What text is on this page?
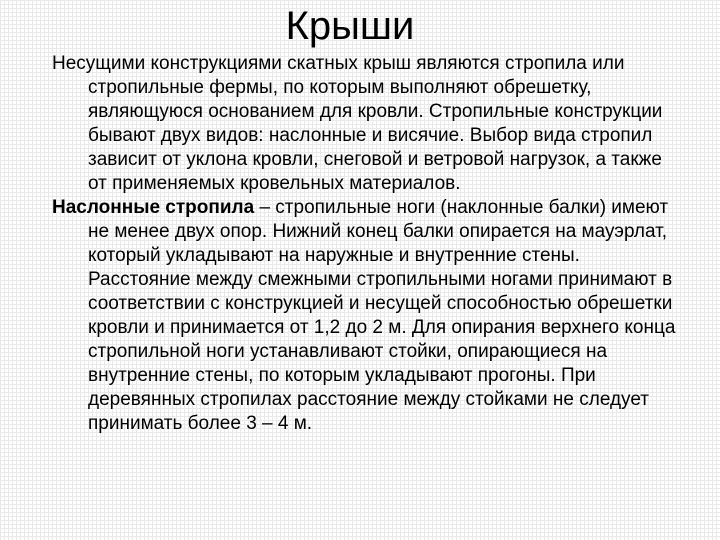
Крыши

Несущими конструкциями скатных крыш являются стропила или стропильные фермы, по которым выполняют обрешетку, являющуюся основанием для кровли. Стропильные конструкции бывают двух видов: наслонные и висячие. Выбор вида стропил зависит от уклона кровли, снеговой и ветровой нагрузок, а также от применяемых кровельных материалов.

Наслонные стропила – стропильные ноги (наклонные балки) имеют не менее двух опор. Нижний конец балки опирается на мауэрлат, который укладывают на наружные и внутренние стены. Расстояние между смежными стропильными ногами принимают в соответствии с конструкцией и несущей способностью обрешетки кровли и принимается от 1,2 до 2 м. Для опирания верхнего конца стропильной ноги устанавливают стойки, опирающиеся на внутренние стены, по которым укладывают прогоны. При деревянных стропилах расстояние между стойками не следует принимать более 3 – 4 м.
